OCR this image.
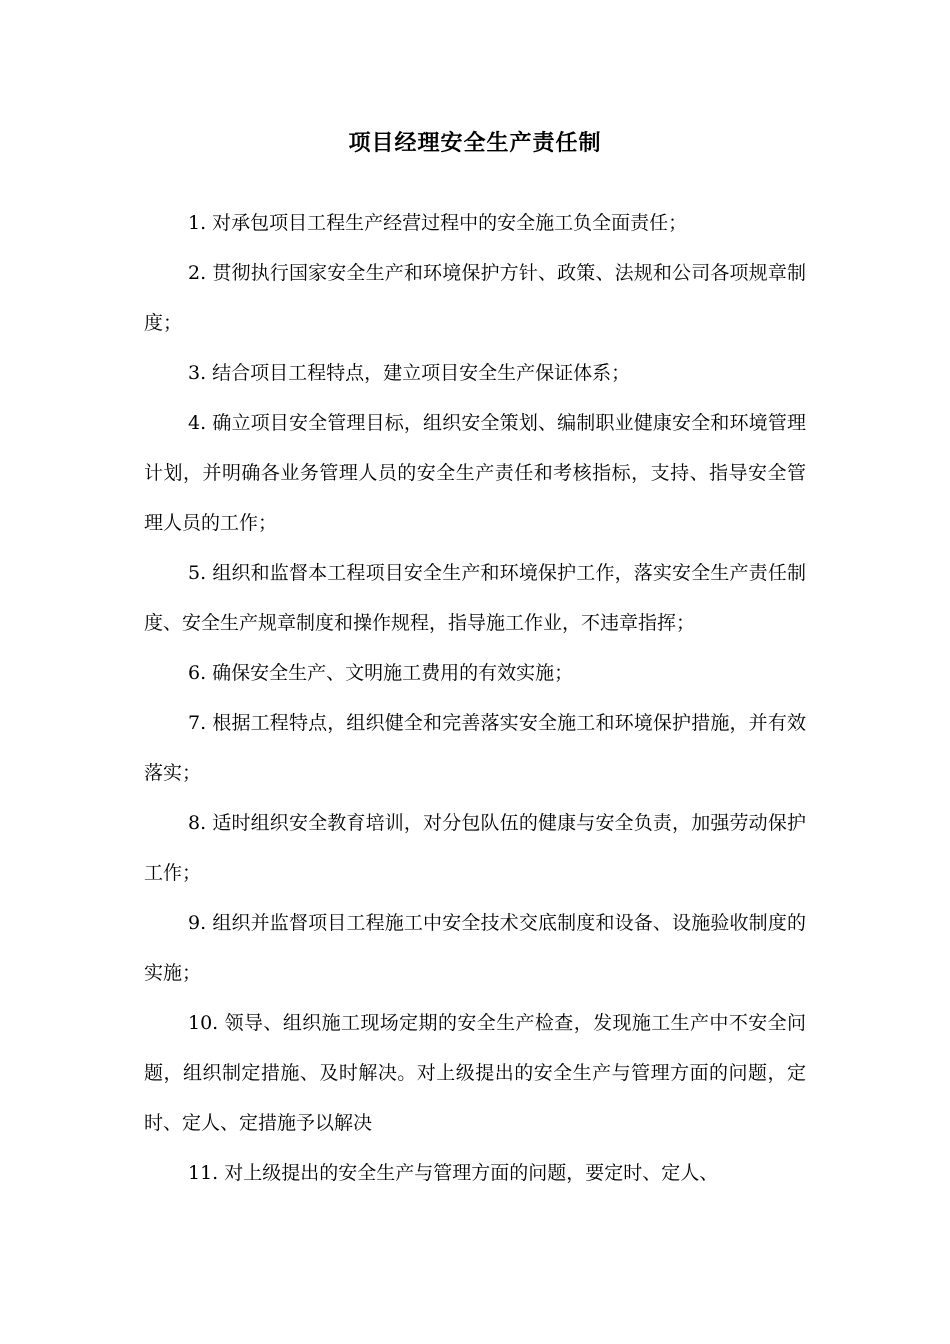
项目经理安全生产责任制

1. 对承包项目工程生产经营过程中的安全施工负全面责任；

2. 贯彻执行国家安全生产和环境保护方针、政策、法规和公司各项规章制度；

3. 结合项目工程特点，建立项目安全生产保证体系；

4. 确立项目安全管理目标，组织安全策划、编制职业健康安全和环境管理计划，并明确各业务管理人员的安全生产责任和考核指标，支持、指导安全管理人员的工作；

5. 组织和监督本工程项目安全生产和环境保护工作，落实安全生产责任制度、安全生产规章制度和操作规程，指导施工作业，不违章指挥；

6. 确保安全生产、文明施工费用的有效实施；

7. 根据工程特点，组织健全和完善落实安全施工和环境保护措施，并有效落实；

8. 适时组织安全教育培训，对分包队伍的健康与安全负责，加强劳动保护工作；

9. 组织并监督项目工程施工中安全技术交底制度和设备、设施验收制度的实施；

10. 领导、组织施工现场定期的安全生产检查，发现施工生产中不安全问题，组织制定措施、及时解决。对上级提出的安全生产与管理方面的问题，定时、定人、定措施予以解决

11. 对上级提出的安全生产与管理方面的问题，要定时、定人、
